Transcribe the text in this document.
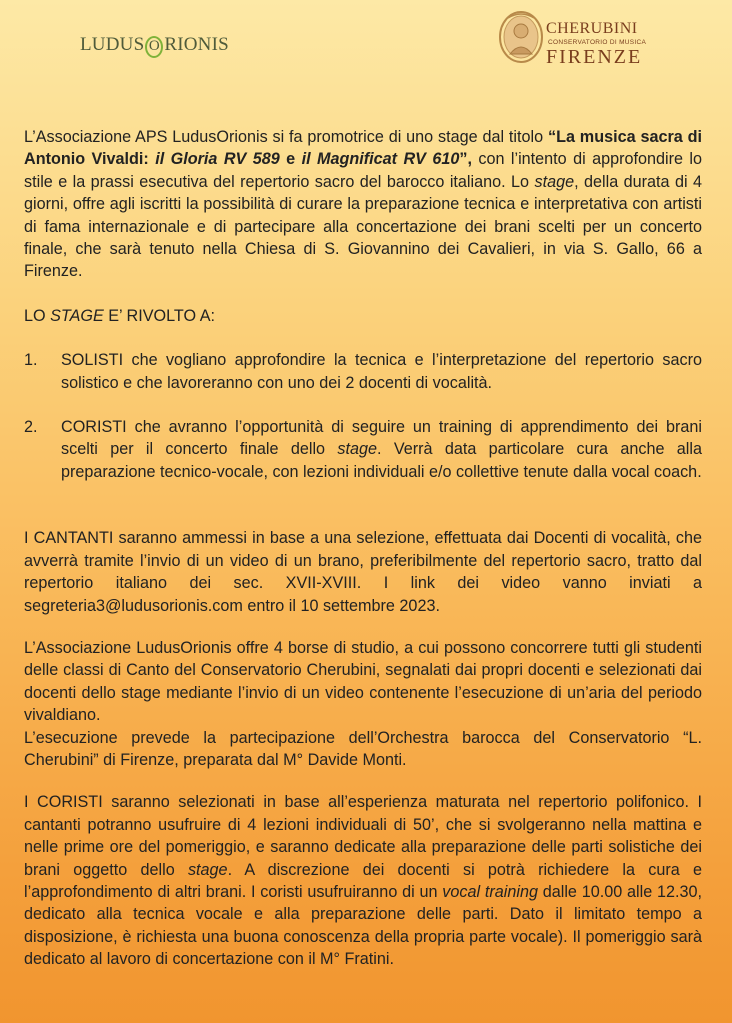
LUDUS O RIONIS
CHERUBINI
CONSERVATORIO DI MUSICA
FIRENZE

L’Associazione APS LudusOrionis si fa promotrice di uno stage dal titolo “La musica sacra di Antonio Vivaldi: il Gloria RV 589 e il Magnificat RV 610”, con l’intento di approfondire lo stile e la prassi esecutiva del repertorio sacro del barocco italiano. Lo stage, della durata di 4 giorni, offre agli iscritti la possibilità di curare la preparazione tecnica e interpretativa con artisti di fama internazionale e di partecipare alla concertazione dei brani scelti per un concerto finale, che sarà tenuto nella Chiesa di S. Giovannino dei Cavalieri, in via S. Gallo, 66 a Firenze.

LO STAGE E’ RIVOLTO A:

1. SOLISTI che vogliano approfondire la tecnica e l’interpretazione del repertorio sacro solistico e che lavoreranno con uno dei 2 docenti di vocalità.
2. CORISTI che avranno l’opportunità di seguire un training di apprendimento dei brani scelti per il concerto finale dello stage. Verrà data particolare cura anche alla preparazione tecnico-vocale, con lezioni individuali e/o collettive tenute dalla vocal coach.

I CANTANTI saranno ammessi in base a una selezione, effettuata dai Docenti di vocalità, che avverrà tramite l’invio di un video di un brano, preferibilmente del repertorio sacro, tratto dal repertorio italiano dei sec. XVII-XVIII. I link dei video vanno inviati a segreteria3@ludusorionis.com entro il 10 settembre 2023.

L’Associazione LudusOrionis offre 4 borse di studio, a cui possono concorrere tutti gli studenti delle classi di Canto del Conservatorio Cherubini, segnalati dai propri docenti e selezionati dai docenti dello stage mediante l’invio di un video contenente l’esecuzione di un’aria del periodo vivaldiano.

L’esecuzione prevede la partecipazione dell’Orchestra barocca del Conservatorio “L. Cherubini” di Firenze, preparata dal M° Davide Monti.

I CORISTI saranno selezionati in base all’esperienza maturata nel repertorio polifonico. I cantanti potranno usufruire di 4 lezioni individuali di 50’, che si svolgeranno nella mattina e nelle prime ore del pomeriggio, e saranno dedicate alla preparazione delle parti solistiche dei brani oggetto dello stage. A discrezione dei docenti si potrà richiedere la cura e l’approfondimento di altri brani. I coristi usufruiranno di un vocal training dalle 10.00 alle 12.30, dedicato alla tecnica vocale e alla preparazione delle parti. Dato il limitato tempo a disposizione, è richiesta una buona conoscenza della propria parte vocale). Il pomeriggio sarà dedicato al lavoro di concertazione con il M° Fratini.
